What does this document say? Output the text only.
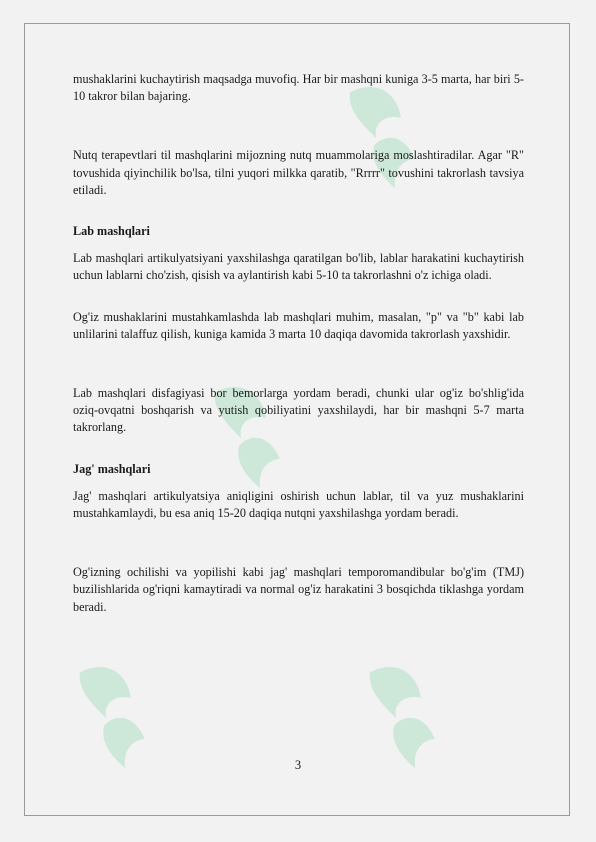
mushaklarini kuchaytirish maqsadga muvofiq. Har bir mashqni kuniga 3-5 marta, har biri 5-10 takror bilan bajaring.

Nutq terapevtlari til mashqlarini mijozning nutq muammolariga moslashtiradilar. Agar "R" tovushida qiyinchilik bo'lsa, tilni yuqori milkka qaratib, "Rrrrr" tovushini takrorlash tavsiya etiladi.

Lab mashqlari

Lab mashqlari artikulyatsiyani yaxshilashga qaratilgan bo'lib, lablar harakatini kuchaytirish uchun lablarni cho'zish, qisish va aylantirish kabi 5-10 ta takrorlashni o'z ichiga oladi.

Og'iz mushaklarini mustahkamlashda lab mashqlari muhim, masalan, "p" va "b" kabi lab unlilarini talaffuz qilish, kuniga kamida 3 marta 10 daqiqa davomida takrorlash yaxshidir.

Lab mashqlari disfagiyasi bor bemorlarga yordam beradi, chunki ular og'iz bo'shlig'ida oziq-ovqatni boshqarish va yutish qobiliyatini yaxshilaydi, har bir mashqni 5-7 marta takrorlang.

Jag' mashqlari

Jag' mashqlari artikulyatsiya aniqligini oshirish uchun lablar, til va yuz mushaklarini mustahkamlaydi, bu esa aniq 15-20 daqiqa nutqni yaxshilashga yordam beradi.

Og'izning ochilishi va yopilishi kabi jag' mashqlari temporomandibular bo'g'im (TMJ) buzilishlarida og'riqni kamaytiradi va normal og'iz harakatini 3 bosqichda tiklashga yordam beradi.

3
